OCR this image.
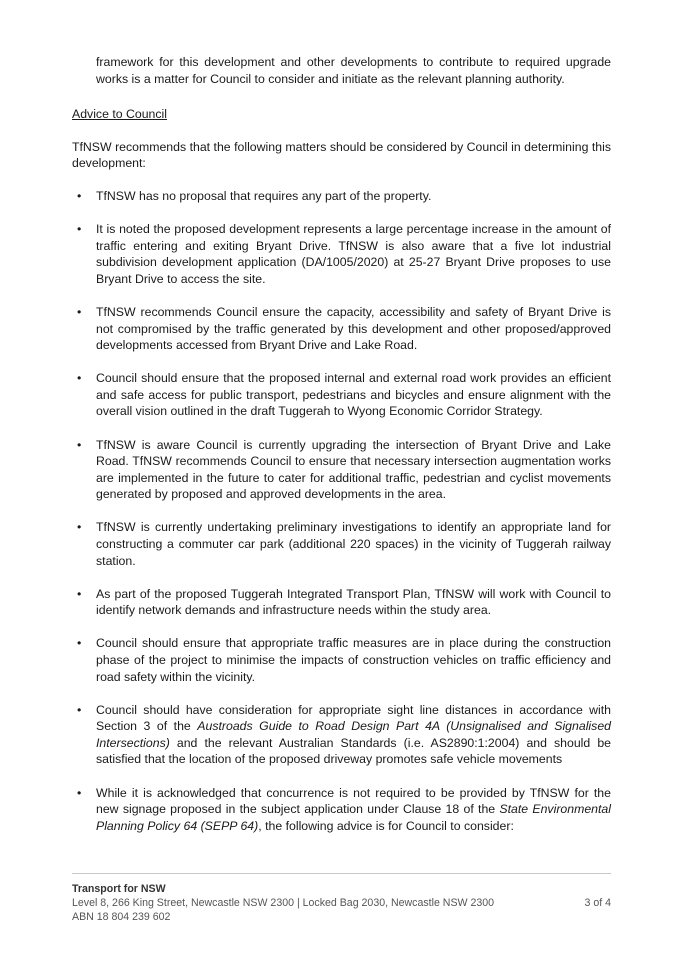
framework for this development and other developments to contribute to required upgrade works is a matter for Council to consider and initiate as the relevant planning authority.

Advice to Council

TfNSW recommends that the following matters should be considered by Council in determining this development:

• TfNSW has no proposal that requires any part of the property.
• It is noted the proposed development represents a large percentage increase in the amount of traffic entering and exiting Bryant Drive. TfNSW is also aware that a five lot industrial subdivision development application (DA/1005/2020) at 25-27 Bryant Drive proposes to use Bryant Drive to access the site.
• TfNSW recommends Council ensure the capacity, accessibility and safety of Bryant Drive is not compromised by the traffic generated by this development and other proposed/approved developments accessed from Bryant Drive and Lake Road.
• Council should ensure that the proposed internal and external road work provides an efficient and safe access for public transport, pedestrians and bicycles and ensure alignment with the overall vision outlined in the draft Tuggerah to Wyong Economic Corridor Strategy.
• TfNSW is aware Council is currently upgrading the intersection of Bryant Drive and Lake Road. TfNSW recommends Council to ensure that necessary intersection augmentation works are implemented in the future to cater for additional traffic, pedestrian and cyclist movements generated by proposed and approved developments in the area.
• TfNSW is currently undertaking preliminary investigations to identify an appropriate land for constructing a commuter car park (additional 220 spaces) in the vicinity of Tuggerah railway station.
• As part of the proposed Tuggerah Integrated Transport Plan, TfNSW will work with Council to identify network demands and infrastructure needs within the study area.
• Council should ensure that appropriate traffic measures are in place during the construction phase of the project to minimise the impacts of construction vehicles on traffic efficiency and road safety within the vicinity.
• Council should have consideration for appropriate sight line distances in accordance with Section 3 of the Austroads Guide to Road Design Part 4A (Unsignalised and Signalised Intersections) and the relevant Australian Standards (i.e. AS2890:1:2004) and should be satisfied that the location of the proposed driveway promotes safe vehicle movements
• While it is acknowledged that concurrence is not required to be provided by TfNSW for the new signage proposed in the subject application under Clause 18 of the State Environmental Planning Policy 64 (SEPP 64), the following advice is for Council to consider:
Transport for NSW
Level 8, 266 King Street, Newcastle NSW 2300 | Locked Bag 2030, Newcastle NSW 2300	3 of 4
ABN 18 804 239 602
